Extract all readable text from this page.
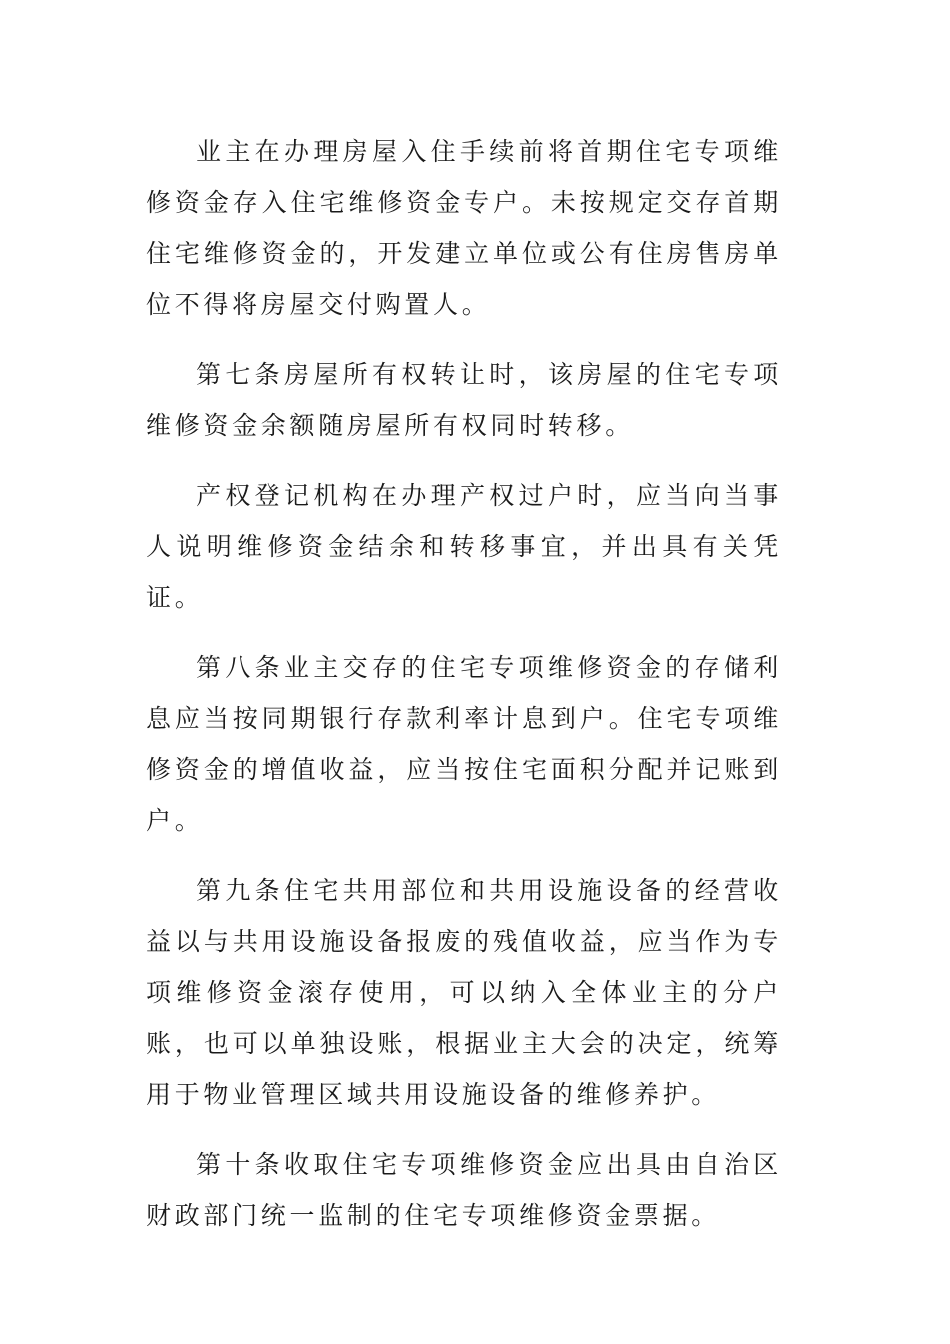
业主在办理房屋入住手续前将首期住宅专项维修资金存入住宅维修资金专户。未按规定交存首期住宅维修资金的，开发建立单位或公有住房售房单位不得将房屋交付购置人。

第七条房屋所有权转让时，该房屋的住宅专项维修资金余额随房屋所有权同时转移。

产权登记机构在办理产权过户时，应当向当事人说明维修资金结余和转移事宜，并出具有关凭证。

第八条业主交存的住宅专项维修资金的存储利息应当按同期银行存款利率计息到户。住宅专项维修资金的增值收益，应当按住宅面积分配并记账到户。

第九条住宅共用部位和共用设施设备的经营收益以与共用设施设备报废的残值收益，应当作为专项维修资金滚存使用，可以纳入全体业主的分户账，也可以单独设账，根据业主大会的决定，统筹用于物业管理区域共用设施设备的维修养护。

第十条收取住宅专项维修资金应出具由自治区财政部门统一监制的住宅专项维修资金票据。
